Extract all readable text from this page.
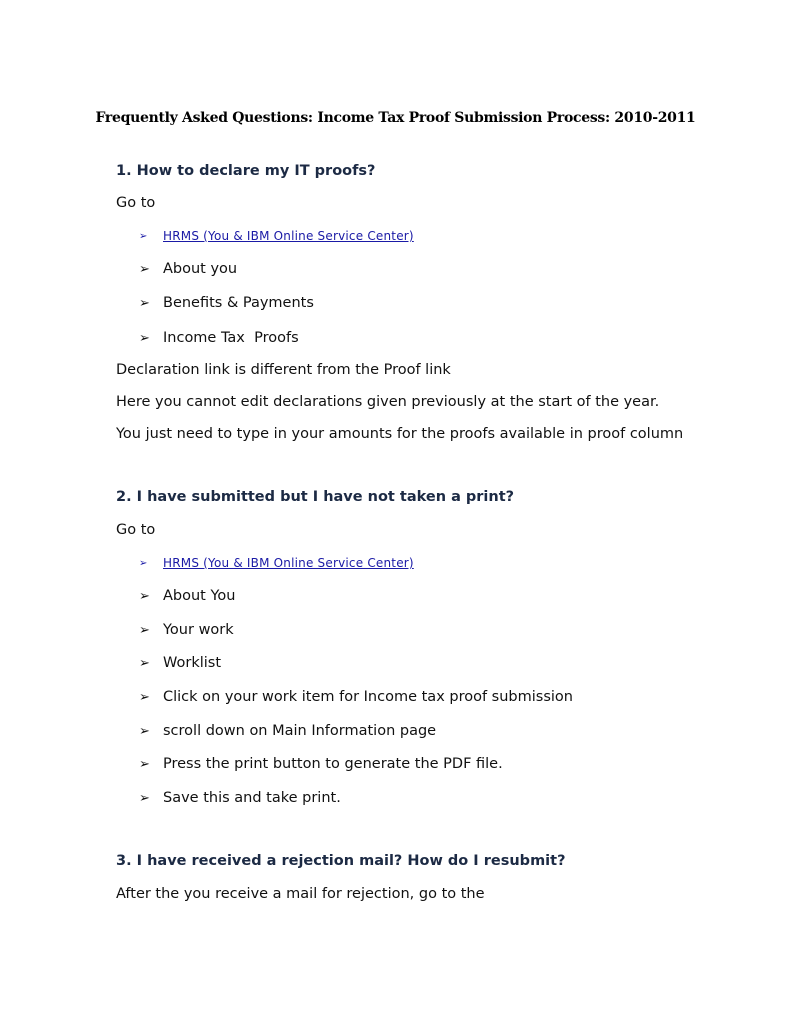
Frequently Asked Questions: Income Tax Proof Submission Process: 2010-2011
1. How to declare my IT proofs?
Go to
➢	HRMS (You & IBM Online Service Center)
➢ About you
➢ Benefits & Payments
➢ Income Tax  Proofs
Declaration link is different from the Proof link
Here you cannot edit declarations given previously at the start of the year.
You just need to type in your amounts for the proofs available in proof column
2. I have submitted but I have not taken a print?
Go to
➢	HRMS (You & IBM Online Service Center)
➢ About You
➢ Your work
➢ Worklist
➢ Click on your work item for Income tax proof submission
➢ scroll down on Main Information page
➢ Press the print button to generate the PDF file.
➢ Save this and take print.
3. I have received a rejection mail? How do I resubmit?
After the you receive a mail for rejection, go to the
